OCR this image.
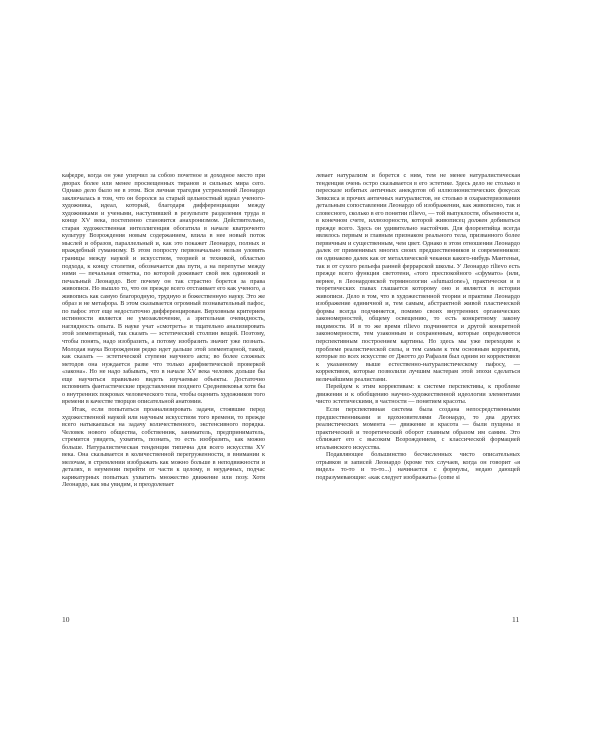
кафедре, когда он уже уперчил за собою почетное и доходное место при дворах более или менее просвещенных тиранов и сильных мира сего. Однако дело было не в этом. Вся личная трагедия устремлений Леонардо заключалась в том, что он боролся за старый цельностный идеал ученого-художника, идеал, который, благодаря дифференциации между художниками и учеными, наступившей в результате разделения труда в конце XV века, постепенно становится анахронизмом. Действительно, старая художественная интеллигенция обогатила в начале кватроченто культуру Возрождения новым содержанием, влила в нее новый поток мыслей и образов, параллельный и, как это покажет Леонардо, полных и враждебный гуманизму. В этом попросту первоначально нельзя уловить границы между наукой и искусством, теорией и техникой, областью подхода, к концу столетия, обозначается два пути, а на перепутье между ними — печальная отметка, по которой доживает свой век одинокий и печальный Леонардо. Вот почему он так страстно борется за права живописи. Но вышло то, что он прежде всего отстаивает его как ученого, а живопись как самую благородную, трудную и божественную науку. Это же образ и не метафора. В этом сказывается огромный познавательный пафос, по пафос этот еще недостаточно дифференцирован. Верховным критерием истинности является не умозаключение, а зрительная очевидность, наглядность опыта. В науке учат «смотреть» и тщательно анализировать этой элементарный, так сказать — эстетический столпин вещей. Поэтому, чтобы понять, надо изобразить, а потому изобразить значит уже познать. Молодая наука Возрождения редко идет дальше этой элементарной, такой, как сказать — эстетической ступени научного акта; во более сложных методов она нуждается разве что только арифметической проверкой «закона». Но не надо забывать, что в начале XV века человек дольше бы еще научиться правильно видеть изучаемые объекты. Достаточно вспомнить фантастические представления позднего Средневековья хотя бы о внутренних покровах человеческого тела, чтобы оценить художников того времени в качестве творцов описательной анатомии.

Итак, если попытаться проанализировать задачи, стоявшие перед художественной наукой или научным искусством того времени, то прежде всего натыкаешься на задачу количественного, экстенсивного порядка. Человек нового общества, собственник, заниматель, предприниматель, стремится увидеть, ухватить, познать, то есть изобразить, как можно больше. Натуралистическая тенденция типична для всего искусства XV века. Она сказывается в количественной перегруженности, в внимании к мелочам, в стремлении изображать как можно больше в неподвижности и деталях, в неумении перейти от части к целому, в неудачных, подчас карикатурных попытках ухватить множество движение или позу. Хотя Леонардо, как мы увидим, и преодолевает

10

левает натурализм и борется с ним, тем не менее натуралистическая тенденция очень остро сказывается в его эстетике. Здесь дело не столько в пересказе избитых античных анекдотов об иллюзионистических фокусах Зевксиса и прочих античных натуралистов, не столько в охарактеризовании детальным сопоставлении Леонардо об изображении, как живописно, так и словесного, сколько в его понятии rilievo, — той выпуклости, объемности и, в конечном счете, иллюзорности, которой живописец должен добиваться прежде всего. Здесь он удивительно настойчив. Для флорентийца всегда являлось первым и главным признаком реального тела, призванного более первичным и существенным, чем цвет. Однако в этом отношении Леонардо далек от применимых многих своих предшественников и современников: он одинаково далек как от металлической чеканки какого-нибудь Мантеньи, так и от сухого рельефа ранней феррарской школы. У Леонардо rilievo есть прежде всего функция светотени, «того преспокойного «сфумато» (или, вернее, в Леонардовской терминологии «sfumazione»), практически и в теоретических главах глашается которому оно и является в истории живописи. Дело в том, что в художественной теории и практике Леонардо изображение единичной и, тем самым, абстрактной живой пластической формы всегда подчиняется, помимо своих внутренних органических закономерностей, общему освещению, то есть конкретному закону видимости. И в то же время rilievo подчиняется и другой конкретной закономерности, тем узаконным и сохраненным, которые определяются перспективным построением картины. Но здесь мы уже переходим к проблеме реалистической силы, и тем самым к тем основным корректив, которые по всех искусстве от Джотто до Рафаэля был одним из коррективов к указанному выше естественно-натуралистическому пафосу, — коррективов, которые позволили лучшим мастерам этой эпохи сделаться величайшими реалистами.

Перейдем к этим коррективам: к системе перспективы, к проблеме движения и к обобщению научно-художественной идеологии элементами чисто эстетическими, в частности — понятием красоты.

Если перспективная система была создана непосредственными предшественниками и вдохновителями Леонардо, то два других реалистических момента — движение и красота — были пущены в практический и теоретический оборот главным образом им самим. Это сближает его с высоким Возрождением, с классической формацией итальянского искусства.

Подавляющее большинство бесчисленных чисто описательных отрывков и записей Леонардо (кроме тех случаев, когда он говорит «я видел» то-то и то-то...) начинается с формулы, недаю дающей подразумевающие: «как следует изображать» (come si

11
